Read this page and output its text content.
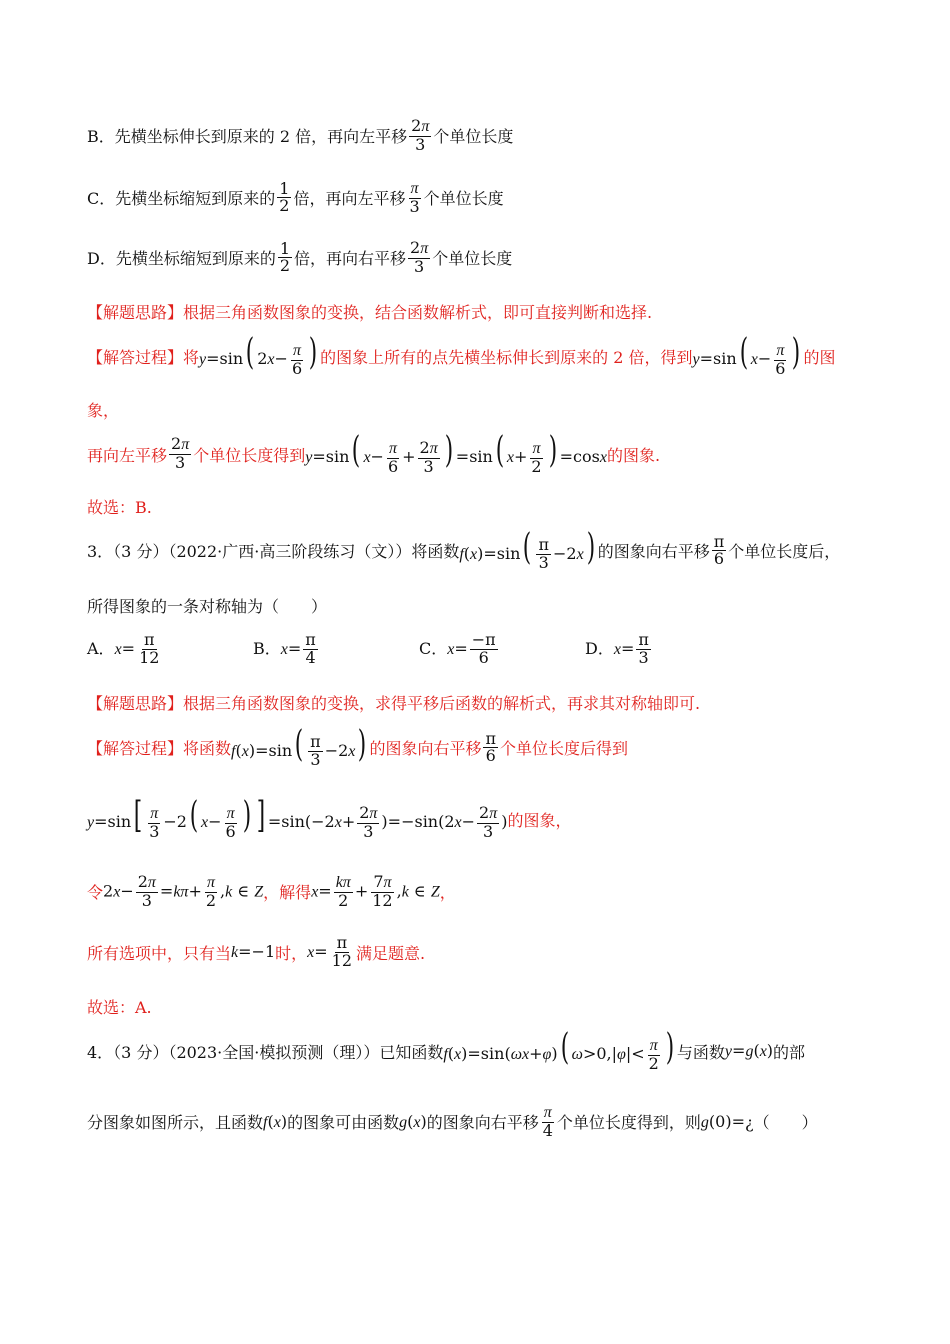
B．先横坐标伸长到原来的 2 倍，再向左平移 $\frac{2\pi}{3}$ 个单位长度
C．先横坐标缩短到原来的 $\frac{1}{2}$ 倍，再向左平移 $\frac{\pi}{3}$ 个单位长度
D．先横坐标缩短到原来的 $\frac{1}{2}$ 倍，再向右平移 $\frac{2\pi}{3}$ 个单位长度
【解题思路】 根据三角函数图象的变换，结合函数解析式，即可直接判断和选择.
【解答过程】 将 y=sin( $2x- \frac{\pi}{6}$ ) 的图象上所有的点先横坐标伸长到原来的 2 倍，得到 y=sin( $x- \frac{\pi}{6}$ ) 的图
象，
再向左平移 $\frac{2\pi}{3}$ 个单位长度得到 y=sin( $x- \frac{\pi}{6} + \frac{2\pi}{3}$ ) =sin( $x+ \frac{\pi}{2}$ ) =cosx 的图象.
故选：B.
3．（3 分）（2022·广西·高三阶段练习（文））将函数 $f(x)=\sin( \frac{\pi}{3} -2x)$ 的图象向右平移 $\frac{\pi}{6}$ 个单位长度后，
所得图象的一条对称轴为（　　）
A．$x= \frac{\pi}{12}$	B．$x= \frac{\pi}{4}$	C．$x= \frac{-\pi}{6}$	D．$x= \frac{\pi}{3}$
【解题思路】 根据三角函数图象的变换，求得平移后函数的解析式，再求其对称轴即可.
【解答过程】 将函数 $f(x)=\sin( \frac{\pi}{3} -2x)$ 的图象向右平移 $\frac{\pi}{6}$ 个单位长度后得到
$y=\sin[ \frac{\pi}{3} -2$( $x- \frac{\pi}{6}$ ) ] $=\sin(-2x+ \frac{2\pi}{3} )=-\sin(2x- \frac{2\pi}{3}$ ) 的图象，
令 $2x- \frac{2\pi}{3} =k\pi+ \frac{\pi}{2} ,k$ ∈ Z ，解得 $x= \frac{k\pi}{2} + \frac{7\pi}{12} ,k$ ∈ Z ，
所有选项中，只有当 k=−1 时， $x= \frac{\pi}{12}$ 满足题意.
故选：A.
4．（3 分）（2023·全国·模拟预测（理））已知函数 f(x)=sin(ωx+φ)( $\omega>0,|\varphi|< \frac{\pi}{2}$ ) 与函数 y=g(x) 的部
分图象如图所示，且函数 f(x) 的图象可由函数 g(x) 的图象向右平移 $\frac{\pi}{4}$ 个单位长度得到，则 g(0)= ¿（　　）
